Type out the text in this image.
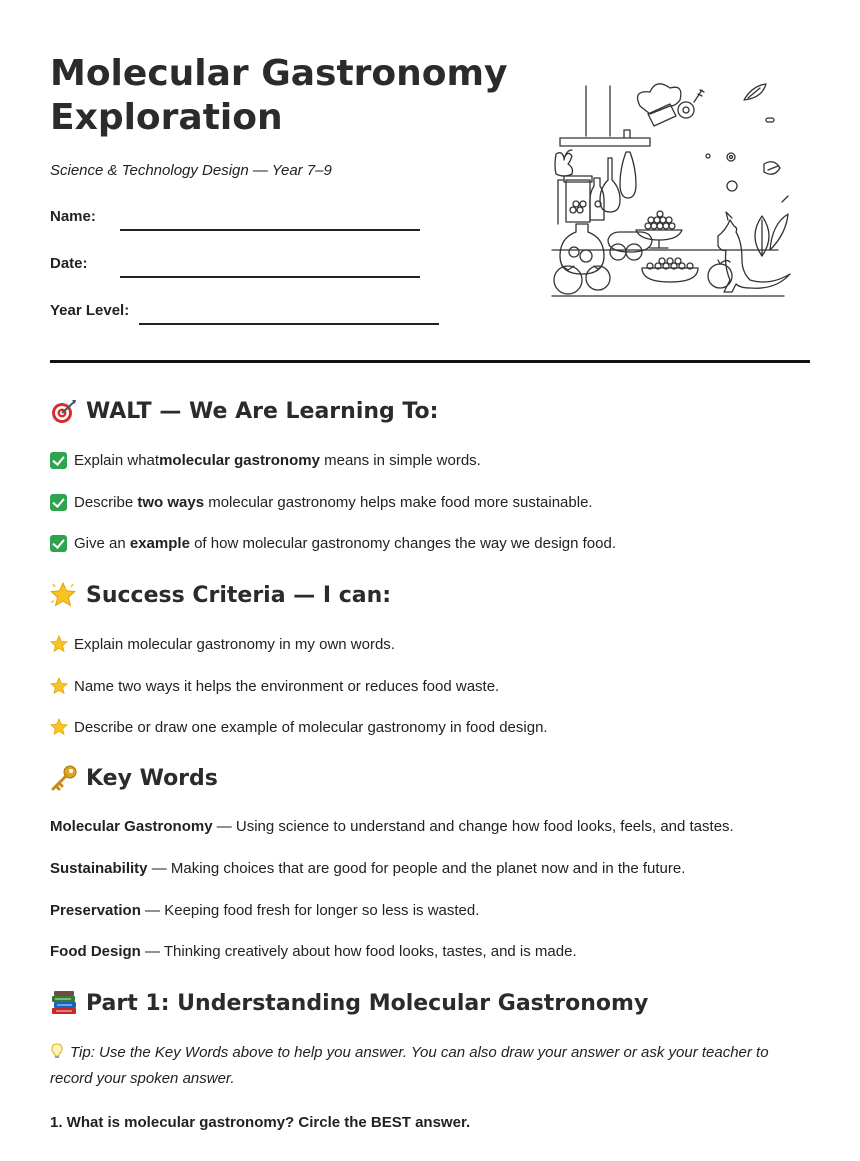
Molecular Gastronomy Exploration
Science & Technology Design — Year 7–9
Name:
Date:
Year Level:
WALT — We Are Learning To:
Explain what molecular gastronomy means in simple words.
Describe two ways molecular gastronomy helps make food more sustainable.
Give an example of how molecular gastronomy changes the way we design food.
Success Criteria — I can:
Explain molecular gastronomy in my own words.
Name two ways it helps the environment or reduces food waste.
Describe or draw one example of molecular gastronomy in food design.
Key Words
Molecular Gastronomy — Using science to understand and change how food looks, feels, and tastes.
Sustainability — Making choices that are good for people and the planet now and in the future.
Preservation — Keeping food fresh for longer so less is wasted.
Food Design — Thinking creatively about how food looks, tastes, and is made.
Part 1: Understanding Molecular Gastronomy
Tip: Use the Key Words above to help you answer. You can also draw your answer or ask your teacher to record your spoken answer.
1. What is molecular gastronomy? Circle the BEST answer.
